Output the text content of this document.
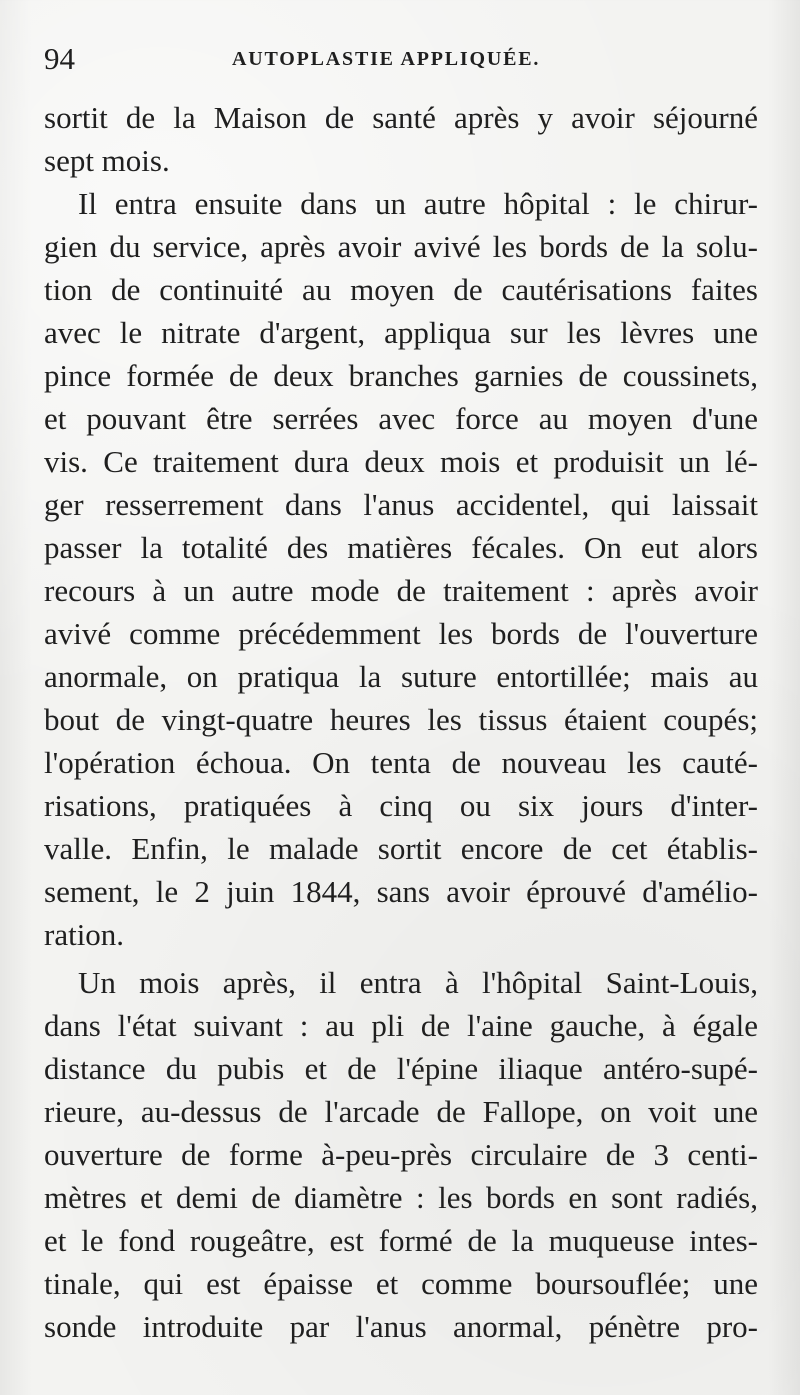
94	AUTOPLASTIE APPLIQUÉE.
sortit de la Maison de santé après y avoir séjourné
sept mois.
Il entra ensuite dans un autre hôpital : le chirur-
gien du service, après avoir avivé les bords de la solu-
tion de continuité au moyen de cautérisations faites
avec le nitrate d'argent, appliqua sur les lèvres une
pince formée de deux branches garnies de coussinets,
et pouvant être serrées avec force au moyen d'une
vis. Ce traitement dura deux mois et produisit un lé-
ger resserrement dans l'anus accidentel, qui laissait
passer la totalité des matières fécales. On eut alors
recours à un autre mode de traitement : après avoir
avivé comme précédemment les bords de l'ouverture
anormale, on pratiqua la suture entortillée; mais au
bout de vingt-quatre heures les tissus étaient coupés;
l'opération échoua. On tenta de nouveau les cauté-
risations, pratiquées à cinq ou six jours d'inter-
valle. Enfin, le malade sortit encore de cet établis-
sement, le 2 juin 1844, sans avoir éprouvé d'amélio-
ration.
Un mois après, il entra à l'hôpital Saint-Louis,
dans l'état suivant : au pli de l'aine gauche, à égale
distance du pubis et de l'épine iliaque antéro-supé-
rieure, au-dessus de l'arcade de Fallope, on voit une
ouverture de forme à-peu-près circulaire de 3 centi-
mètres et demi de diamètre : les bords en sont radiés,
et le fond rougeâtre, est formé de la muqueuse intes-
tinale, qui est épaisse et comme boursouflée; une
sonde introduite par l'anus anormal, pénètre pro-
